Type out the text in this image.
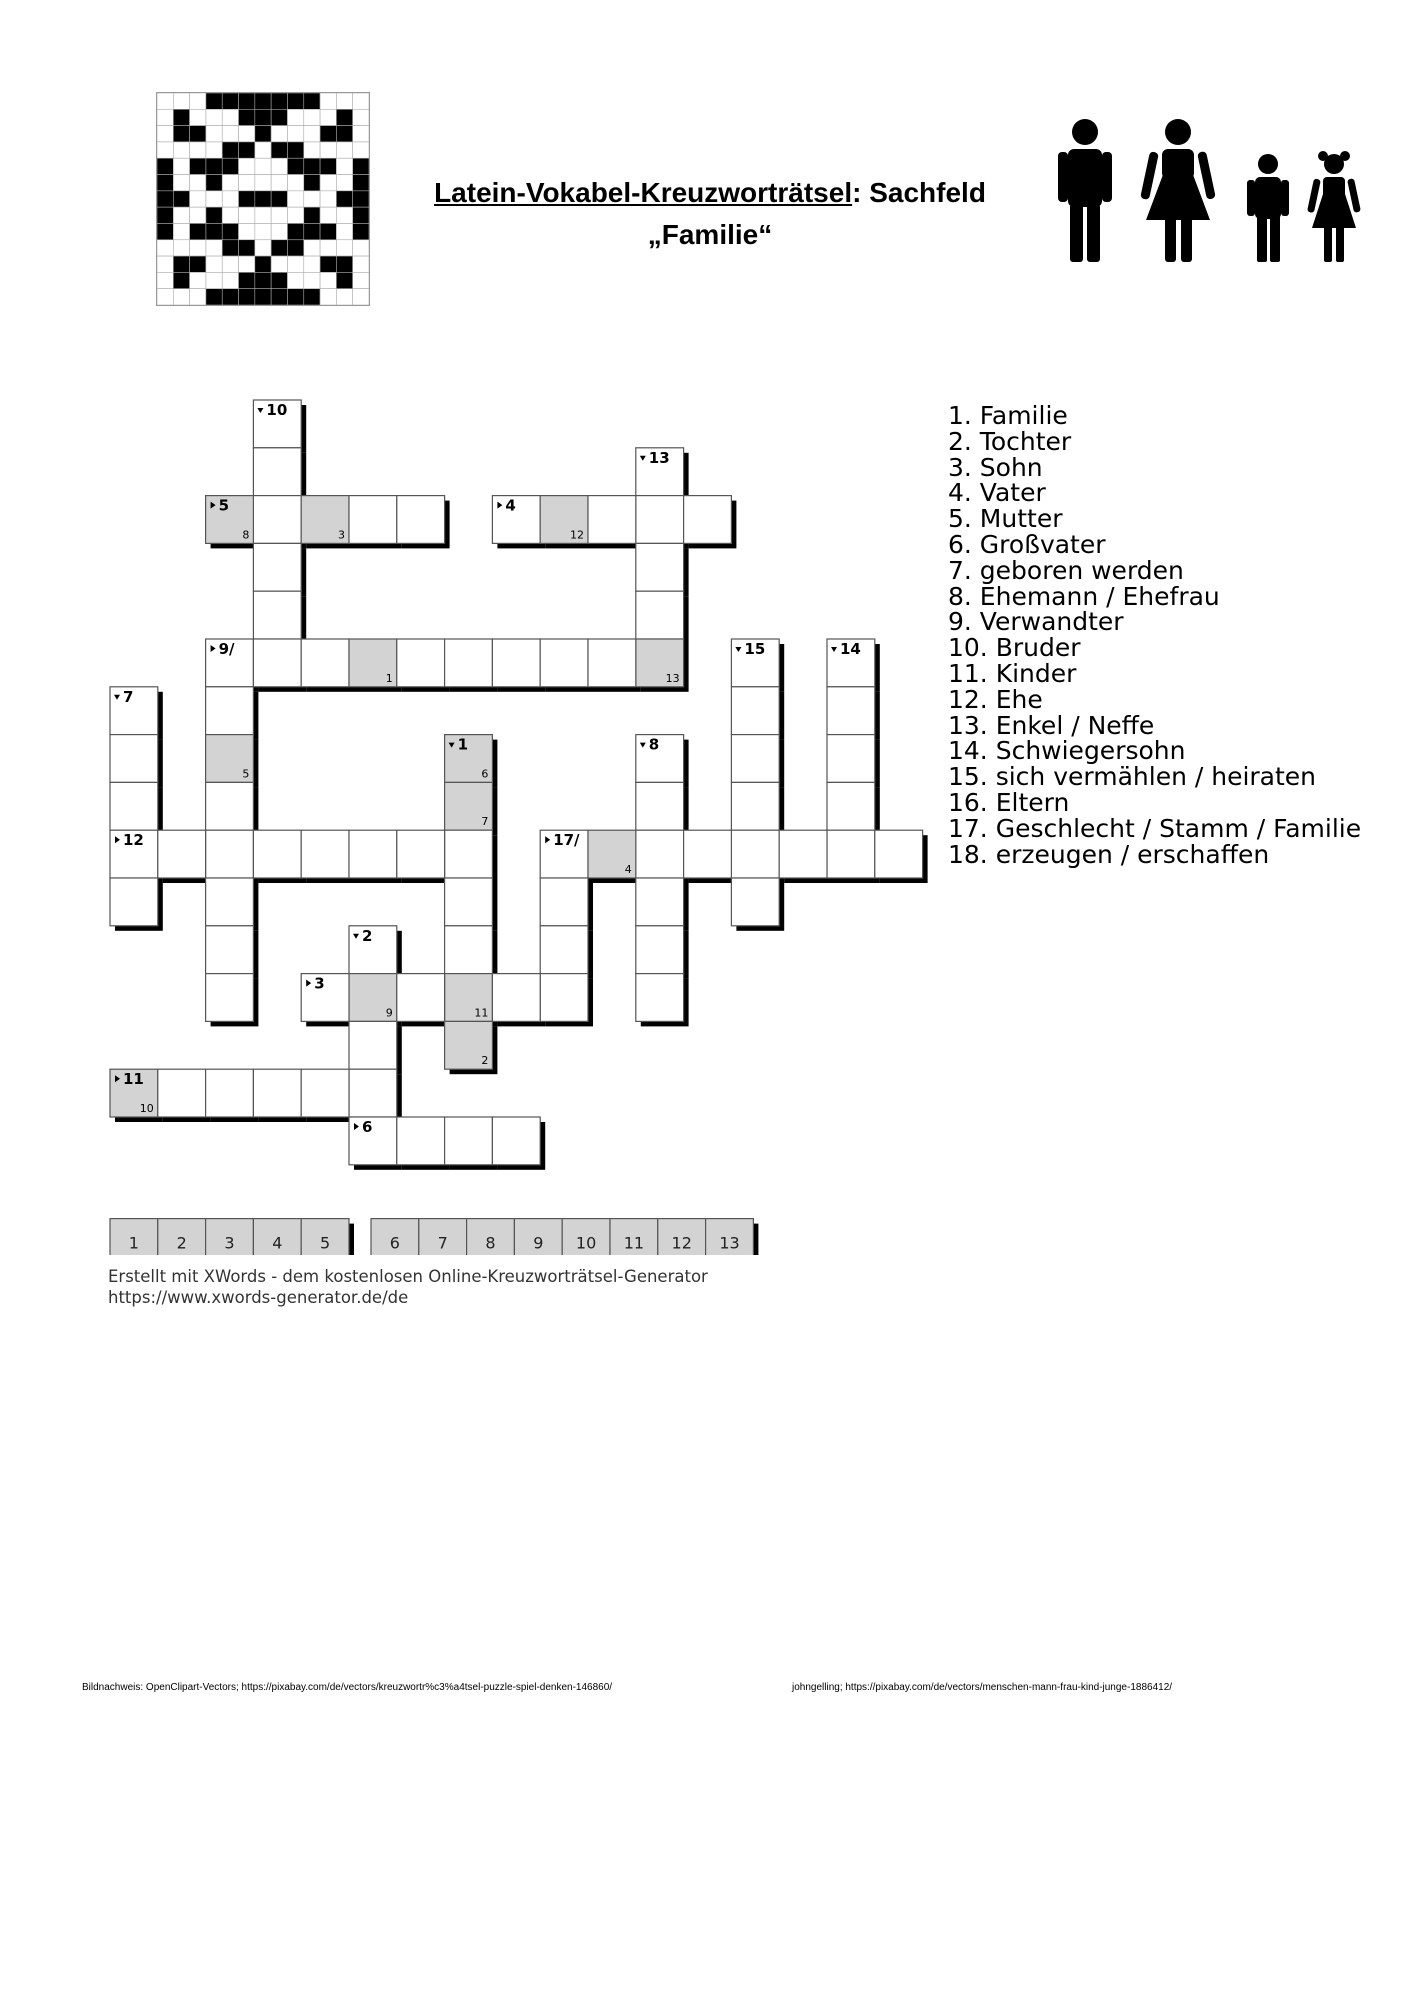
Latein-Vokabel-Kreuzworträtsel: Sachfeld
„Familie“
8	3	12
1	13
5	6
7
4
9	11
2
10
10
13
5	4
9/	15	14
7
1	8
12	17/
2
3
11
6
1 2 3 4 5	6 7 8 9 10 11 12 13
1. Familie
2. Tochter
3. Sohn
4. Vater
5. Mutter
6. Großvater
7. geboren werden
8. Ehemann / Ehefrau
9. Verwandter
10. Bruder
11. Kinder
12. Ehe
13. Enkel / Neffe
14. Schwiegersohn
15. sich vermählen / heiraten
16. Eltern
17. Geschlecht / Stamm / Familie
18. erzeugen / erschaffen
Erstellt mit XWords - dem kostenlosen Online-Kreuzworträtsel-Generator
https://www.xwords-generator.de/de
Bildnachweis: OpenClipart-Vectors; https://pixabay.com/de/vectors/kreuzwortr%c3%a4tsel-puzzle-spiel-denken-146860/	johngelling; https://pixabay.com/de/vectors/menschen-mann-frau-kind-junge-1886412/
